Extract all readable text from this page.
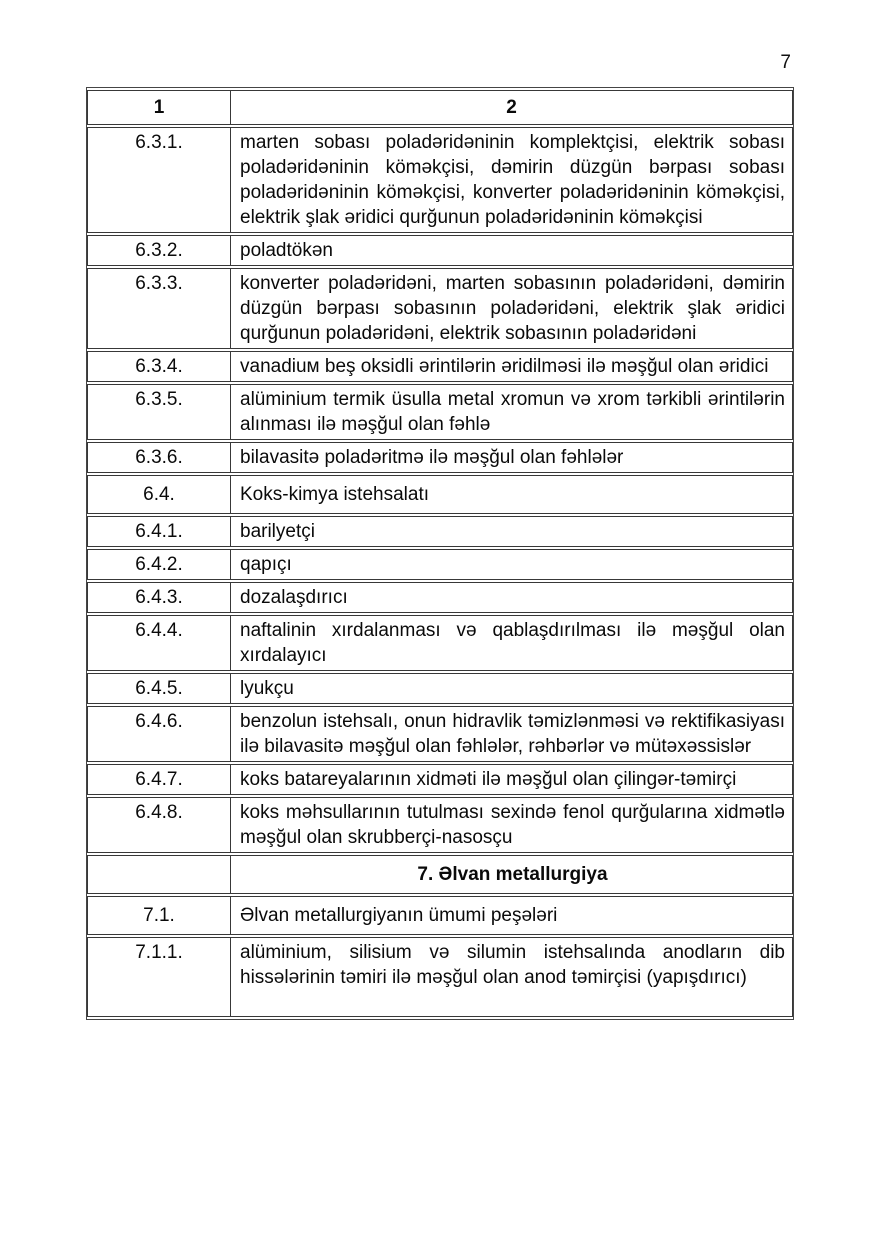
7
1	2
6.3.1.	marten sobası poladəridəninin komplektçisi, elektrik sobası poladəridəninin köməkçisi, dəmirin düzgün bərpası sobası poladəridəninin köməkçisi, konverter poladəridəninin köməkçisi, elektrik şlak əridici qurğunun poladəridəninin köməkçisi
6.3.2.	poladtökən
6.3.3.	konverter poladəridəni, marten sobasının poladəridəni, dəmirin düzgün bərpası sobasının poladəridəni, elektrik şlak əridici qurğunun poladəridəni, elektrik sobasının poladəridəni
6.3.4.	vanadiuм beş oksidli ərintilərin əridilməsi ilə məşğul olan əridici
6.3.5.	alüminium termik üsulla metal xromun və xrom tərkibli ərintilərin alınması ilə məşğul olan fəhlə
6.3.6.	bilavasitə poladəritmə ilə məşğul olan fəhlələr
6.4.	Koks-kimya istehsalatı
6.4.1.	barilyetçi
6.4.2.	qapıçı
6.4.3.	dozalaşdırıcı
6.4.4.	naftalinin xırdalanması və qablaşdırılması ilə məşğul olan xırdalayıcı
6.4.5.	lyukçu
6.4.6.	benzolun istehsalı, onun hidravlik təmizlənməsi və rektifikasiyası ilə bilavasitə məşğul olan fəhlələr, rəhbərlər və mütəxəssislər
6.4.7.	koks batareyalarının xidməti ilə məşğul olan çilingər-təmirçi
6.4.8.	koks məhsullarının tutulması sexində fenol qurğularına xidmətlə məşğul olan skrubberçi-nasosçu
	7. Əlvan metallurgiya
7.1.	Əlvan metallurgiyanın ümumi peşələri
7.1.1.	alüminium, silisium və silumin istehsalında anodların dib hissələrinin təmiri ilə məşğul olan anod təmirçisi (yapışdırıcı)
